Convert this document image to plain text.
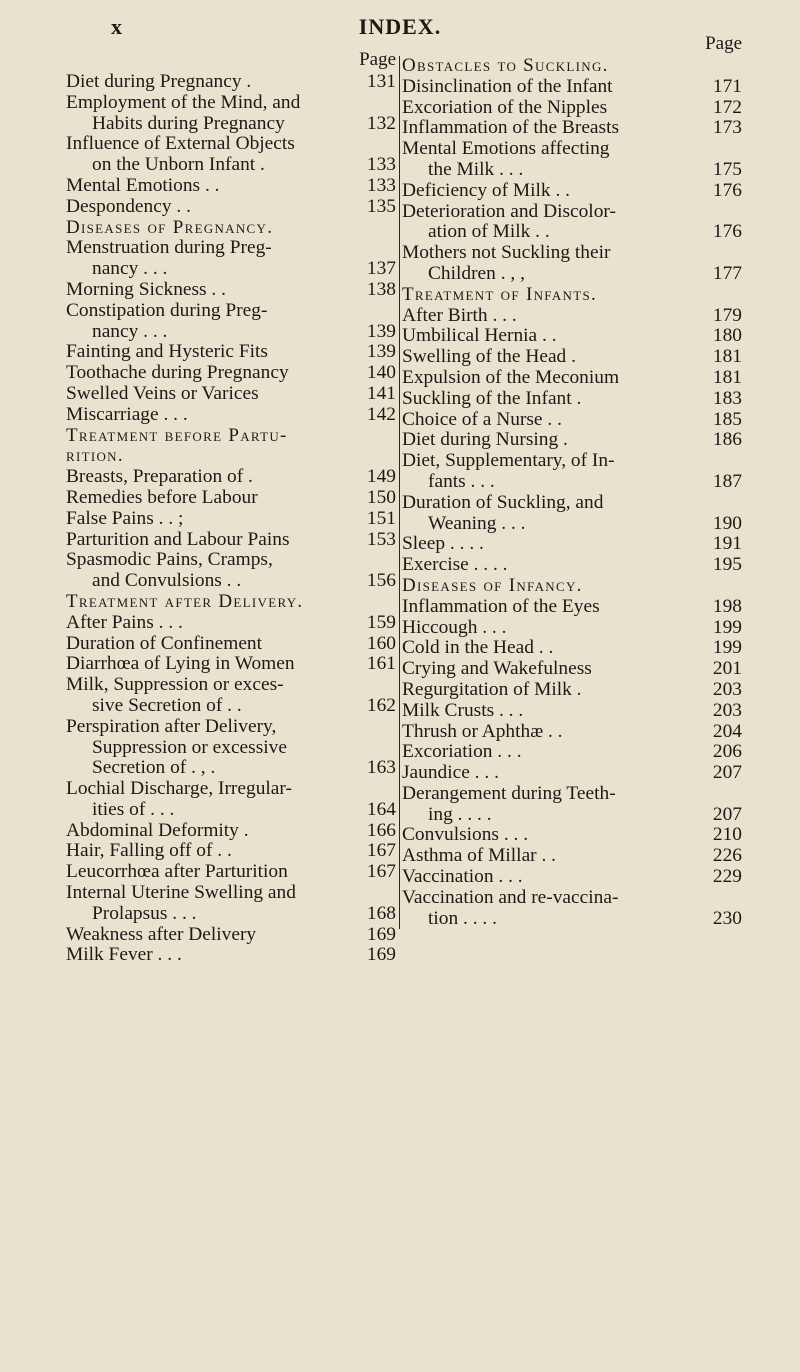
x	INDEX.
Page
Diet during Pregnancy .	131
Employment of the Mind, and
Habits during Pregnancy	132
Influence of External Objects
on the Unborn Infant .	133
Mental Emotions . .	133
Despondency . .	135
Diseases of Pregnancy.
Menstruation during Preg-
nancy . . .	137
Morning Sickness . .	138
Constipation during Preg-
nancy . . .	139
Fainting and Hysteric Fits	139
Toothache during Pregnancy	140
Swelled Veins or Varices	141
Miscarriage . . .	142
Treatment before Partu-
rition.
Breasts, Preparation of .	149
Remedies before Labour	150
False Pains . . ;	151
Parturition and Labour Pains	153
Spasmodic Pains, Cramps,
and Convulsions . .	156
Treatment after Delivery.
After Pains . . .	159
Duration of Confinement	160
Diarrhœa of Lying in Women	161
Milk, Suppression or exces-
sive Secretion of . .	162
Perspiration after Delivery,
Suppression or excessive
Secretion of . , .	163
Lochial Discharge, Irregular-
ities of . . .	164
Abdominal Deformity .	166
Hair, Falling off of . .	167
Leucorrhœa after Parturition	167
Internal Uterine Swelling and
Prolapsus . . .	168
Weakness after Delivery	169
Milk Fever . . .	169
Page
Obstacles to Suckling.
Disinclination of the Infant	171
Excoriation of the Nipples	172
Inflammation of the Breasts	173
Mental Emotions affecting
the Milk . . .	175
Deficiency of Milk . .	176
Deterioration and Discolor-
ation of Milk . .	176
Mothers not Suckling their
Children . , ,	177
Treatment of Infants.
After Birth . . .	179
Umbilical Hernia . .	180
Swelling of the Head .	181
Expulsion of the Meconium	181
Suckling of the Infant .	183
Choice of a Nurse . .	185
Diet during Nursing .	186
Diet, Supplementary, of In-
fants . . .	187
Duration of Suckling, and
Weaning . . .	190
Sleep . . . .	191
Exercise . . . .	195
Diseases of Infancy.
Inflammation of the Eyes	198
Hiccough . . .	199
Cold in the Head . .	199
Crying and Wakefulness	201
Regurgitation of Milk .	203
Milk Crusts . . .	203
Thrush or Aphthæ . .	204
Excoriation . . .	206
Jaundice . . .	207
Derangement during Teeth-
ing . . . .	207
Convulsions . . .	210
Asthma of Millar . .	226
Vaccination . . .	229
Vaccination and re-vaccina-
tion . . . .	230
